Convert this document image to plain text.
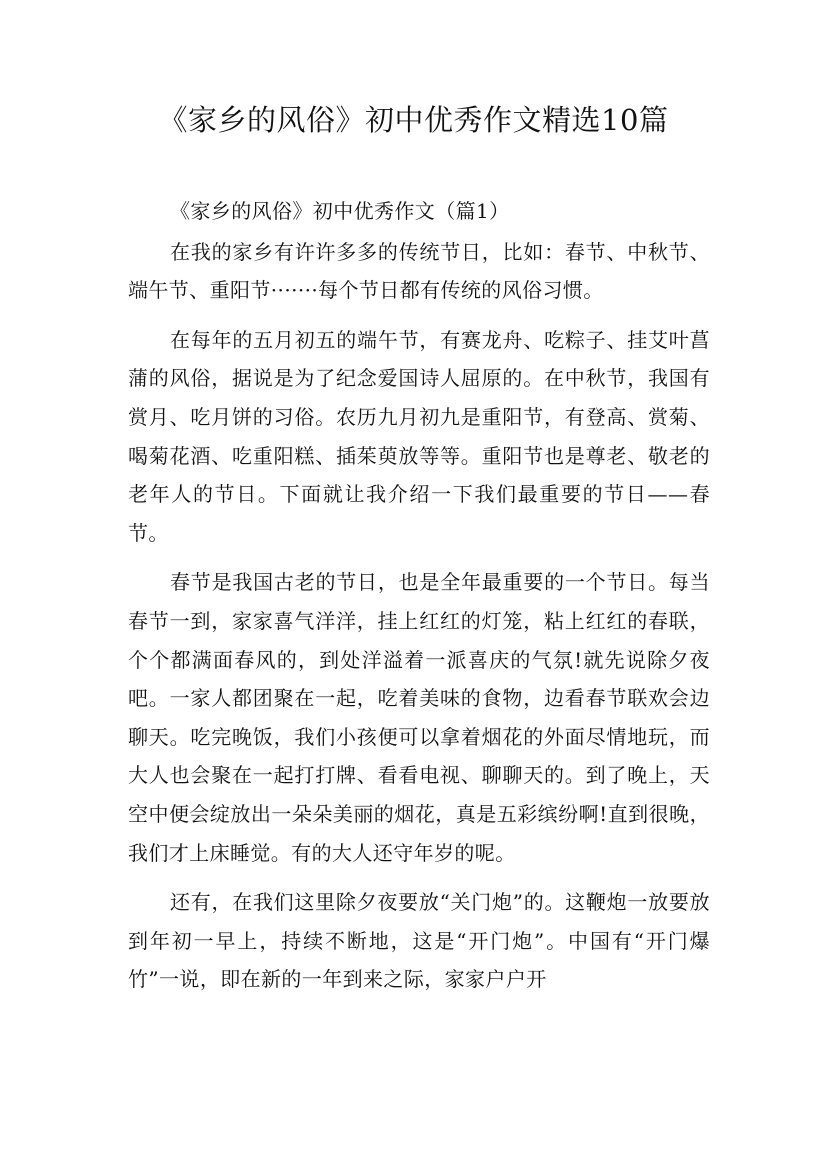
《家乡的风俗》初中优秀作文精选10篇

《家乡的风俗》初中优秀作文（篇1）

在我的家乡有许许多多的传统节日，比如：春节、中秋节、端午节、重阳节·······每个节日都有传统的风俗习惯。

在每年的五月初五的端午节，有赛龙舟、吃粽子、挂艾叶菖蒲的风俗，据说是为了纪念爱国诗人屈原的。在中秋节，我国有赏月、吃月饼的习俗。农历九月初九是重阳节，有登高、赏菊、喝菊花酒、吃重阳糕、插茱萸放等等。重阳节也是尊老、敬老的老年人的节日。下面就让我介绍一下我们最重要的节日——春节。

春节是我国古老的节日，也是全年最重要的一个节日。每当春节一到，家家喜气洋洋，挂上红红的灯笼，粘上红红的春联，个个都满面春风的，到处洋溢着一派喜庆的气氛!就先说除夕夜吧。一家人都团聚在一起，吃着美味的食物，边看春节联欢会边聊天。吃完晚饭，我们小孩便可以拿着烟花的外面尽情地玩，而大人也会聚在一起打打牌、看看电视、聊聊天的。到了晚上，天空中便会绽放出一朵朵美丽的烟花，真是五彩缤纷啊!直到很晚，我们才上床睡觉。有的大人还守年岁的呢。

还有，在我们这里除夕夜要放“关门炮”的。这鞭炮一放要放到年初一早上，持续不断地，这是“开门炮”。中国有“开门爆竹”一说，即在新的一年到来之际，家家户户开
